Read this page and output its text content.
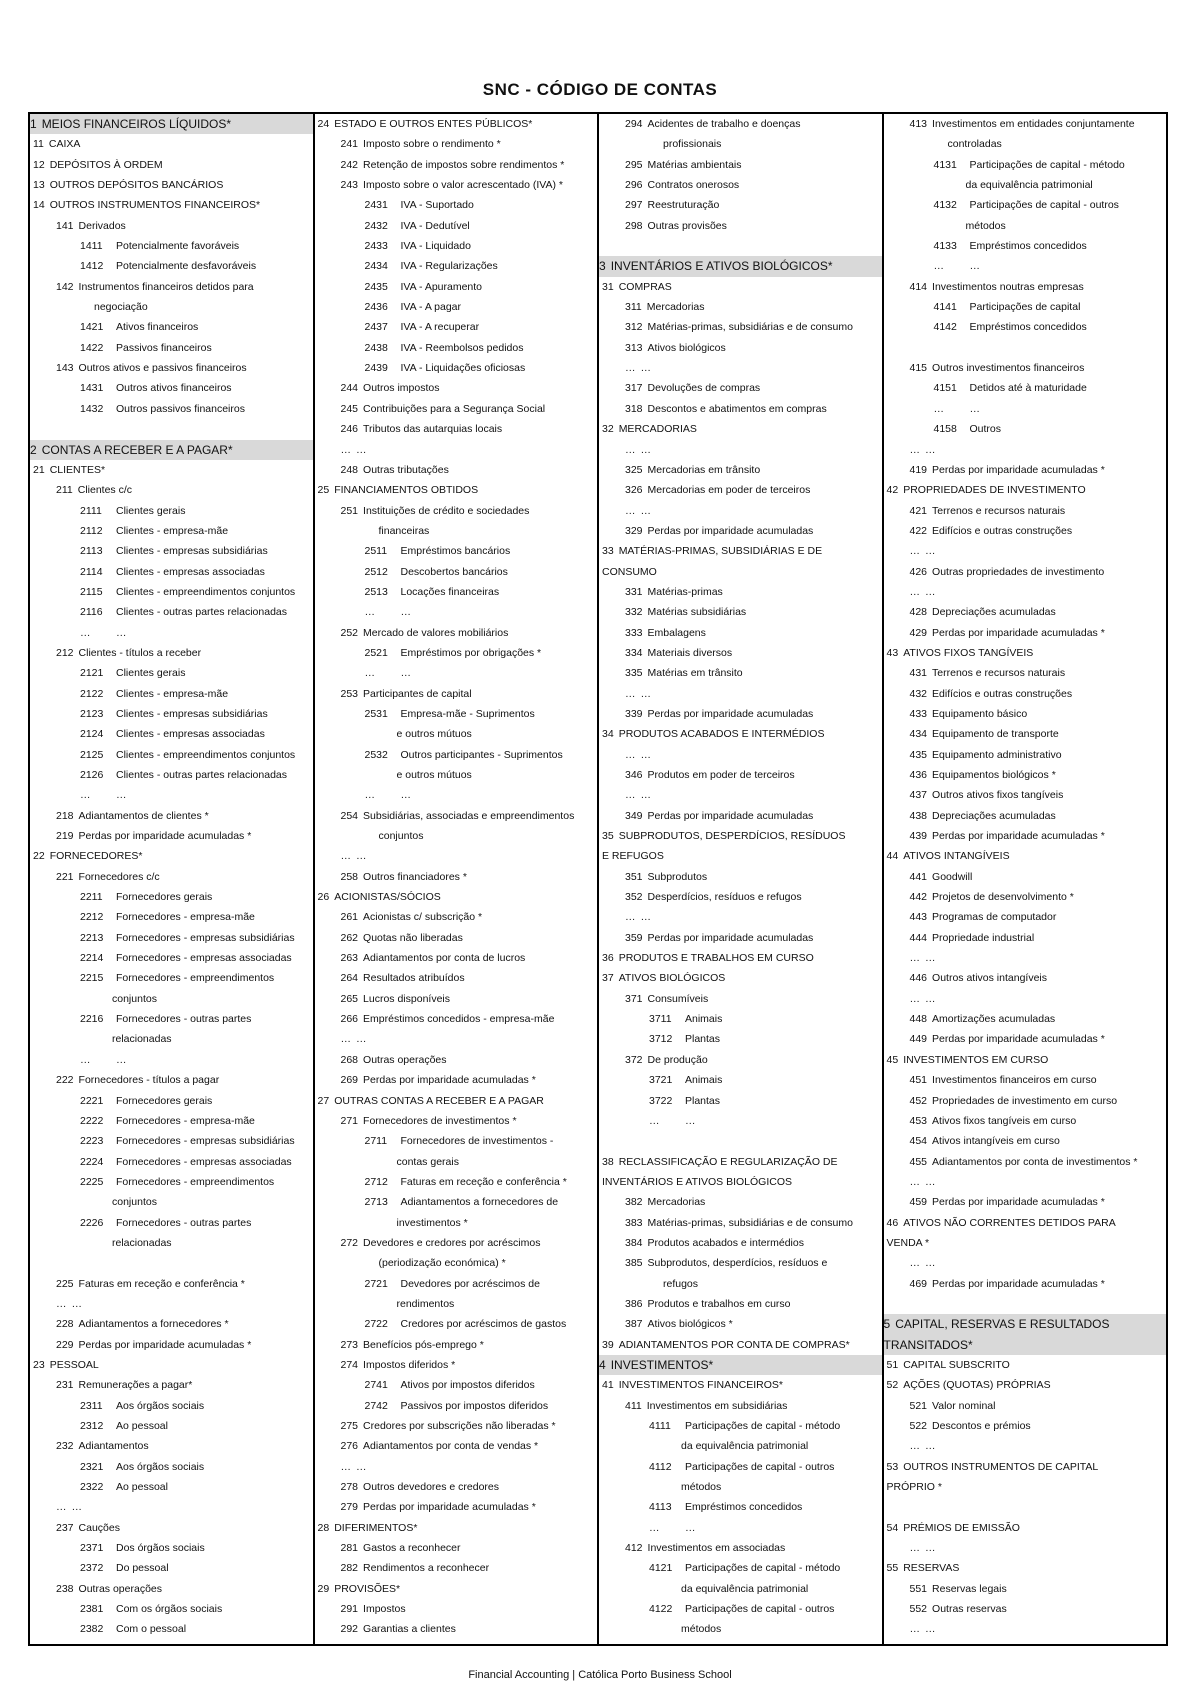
SNC - CÓDIGO DE CONTAS
1 MEIOS FINANCEIROS LÍQUIDOS*
11 CAIXA
12 DEPÓSITOS À ORDEM
13 OUTROS DEPÓSITOS BANCÁRIOS
14 OUTROS INSTRUMENTOS FINANCEIROS*
141 Derivados
1411 Potencialmente favoráveis
1412 Potencialmente desfavoráveis
142 Instrumentos financeiros detidos para
negociação
1421 Ativos financeiros
1422 Passivos financeiros
143 Outros ativos e passivos financeiros
1431 Outros ativos financeiros
1432 Outros passivos financeiros
2 CONTAS A RECEBER E A PAGAR*
21 CLIENTES*
211 Clientes c/c
2111 Clientes gerais
2112 Clientes - empresa-mãe
2113 Clientes - empresas subsidiárias
2114 Clientes - empresas associadas
2115 Clientes - empreendimentos conjuntos
2116 Clientes - outras partes relacionadas
… …
212 Clientes - títulos a receber
2121 Clientes gerais
2122 Clientes - empresa-mãe
2123 Clientes - empresas subsidiárias
2124 Clientes - empresas associadas
2125 Clientes - empreendimentos conjuntos
2126 Clientes - outras partes relacionadas
… …
218 Adiantamentos de clientes *
219 Perdas por imparidade acumuladas *
22 FORNECEDORES*
221 Fornecedores c/c
2211 Fornecedores gerais
2212 Fornecedores - empresa-mãe
2213 Fornecedores - empresas subsidiárias
2214 Fornecedores - empresas associadas
2215 Fornecedores - empreendimentos
conjuntos
2216 Fornecedores - outras partes
relacionadas
… …
222 Fornecedores - títulos a pagar
2221 Fornecedores gerais
2222 Fornecedores - empresa-mãe
2223 Fornecedores - empresas subsidiárias
2224 Fornecedores - empresas associadas
2225 Fornecedores - empreendimentos
conjuntos
2226 Fornecedores - outras partes
relacionadas
225 Faturas em receção e conferência *
… …
228 Adiantamentos a fornecedores *
229 Perdas por imparidade acumuladas *
23 PESSOAL
231 Remunerações a pagar*
2311 Aos órgãos sociais
2312 Ao pessoal
232 Adiantamentos
2321 Aos órgãos sociais
2322 Ao pessoal
… …
237 Cauções
2371 Dos órgãos sociais
2372 Do pessoal
238 Outras operações
2381 Com os órgãos sociais
2382 Com o pessoal
24 ESTADO E OUTROS ENTES PÚBLICOS*
241 Imposto sobre o rendimento *
242 Retenção de impostos sobre rendimentos *
243 Imposto sobre o valor acrescentado (IVA) *
2431 IVA - Suportado
2432 IVA - Dedutível
2433 IVA - Liquidado
2434 IVA - Regularizações
2435 IVA - Apuramento
2436 IVA - A pagar
2437 IVA - A recuperar
2438 IVA - Reembolsos pedidos
2439 IVA - Liquidações oficiosas
244 Outros impostos
245 Contribuições para a Segurança Social
246 Tributos das autarquias locais
… …
248 Outras tributações
25 FINANCIAMENTOS OBTIDOS
251 Instituições de crédito e sociedades
financeiras
2511 Empréstimos bancários
2512 Descobertos bancários
2513 Locações financeiras
… …
252 Mercado de valores mobiliários
2521 Empréstimos por obrigações *
… …
253 Participantes de capital
2531 Empresa-mãe - Suprimentos
e outros mútuos
2532 Outros participantes - Suprimentos
e outros mútuos
… …
254 Subsidiárias, associadas e empreendimentos
conjuntos
… …
258 Outros financiadores *
26 ACIONISTAS/SÓCIOS
261 Acionistas c/ subscrição *
262 Quotas não liberadas
263 Adiantamentos por conta de lucros
264 Resultados atribuídos
265 Lucros disponíveis
266 Empréstimos concedidos - empresa-mãe
… …
268 Outras operações
269 Perdas por imparidade acumuladas *
27 OUTRAS CONTAS A RECEBER E A PAGAR
271 Fornecedores de investimentos *
2711 Fornecedores de investimentos -
contas gerais
2712 Faturas em receção e conferência *
2713 Adiantamentos a fornecedores de
investimentos *
272 Devedores e credores por acréscimos
(periodização económica) *
2721 Devedores por acréscimos de
rendimentos
2722 Credores por acréscimos de gastos
273 Benefícios pós-emprego *
274 Impostos diferidos *
2741 Ativos por impostos diferidos
2742 Passivos por impostos diferidos
275 Credores por subscrições não liberadas *
276 Adiantamentos por conta de vendas *
… …
278 Outros devedores e credores
279 Perdas por imparidade acumuladas *
28 DIFERIMENTOS*
281 Gastos a reconhecer
282 Rendimentos a reconhecer
29 PROVISÕES*
291 Impostos
292 Garantias a clientes
294 Acidentes de trabalho e doenças
profissionais
295 Matérias ambientais
296 Contratos onerosos
297 Reestruturação
298 Outras provisões
3 INVENTÁRIOS E ATIVOS BIOLÓGICOS*
31 COMPRAS
311 Mercadorias
312 Matérias-primas, subsidiárias e de consumo
313 Ativos biológicos
… …
317 Devoluções de compras
318 Descontos e abatimentos em compras
32 MERCADORIAS
… …
325 Mercadorias em trânsito
326 Mercadorias em poder de terceiros
… …
329 Perdas por imparidade acumuladas
33 MATÉRIAS-PRIMAS, SUBSIDIÁRIAS E DE
CONSUMO
331 Matérias-primas
332 Matérias subsidiárias
333 Embalagens
334 Materiais diversos
335 Matérias em trânsito
… …
339 Perdas por imparidade acumuladas
34 PRODUTOS ACABADOS E INTERMÉDIOS
… …
346 Produtos em poder de terceiros
… …
349 Perdas por imparidade acumuladas
35 SUBPRODUTOS, DESPERDÍCIOS, RESÍDUOS
E REFUGOS
351 Subprodutos
352 Desperdícios, resíduos e refugos
… …
359 Perdas por imparidade acumuladas
36 PRODUTOS E TRABALHOS EM CURSO
37 ATIVOS BIOLÓGICOS
371 Consumíveis
3711 Animais
3712 Plantas
372 De produção
3721 Animais
3722 Plantas
… …
38 RECLASSIFICAÇÃO E REGULARIZAÇÃO DE
INVENTÁRIOS E ATIVOS BIOLÓGICOS
382 Mercadorias
383 Matérias-primas, subsidiárias e de consumo
384 Produtos acabados e intermédios
385 Subprodutos, desperdícios, resíduos e
refugos
386 Produtos e trabalhos em curso
387 Ativos biológicos *
39 ADIANTAMENTOS POR CONTA DE COMPRAS*
4 INVESTIMENTOS*
41 INVESTIMENTOS FINANCEIROS*
411 Investimentos em subsidiárias
4111 Participações de capital - método
da equivalência patrimonial
4112 Participações de capital - outros
métodos
4113 Empréstimos concedidos
… …
412 Investimentos em associadas
4121 Participações de capital - método
da equivalência patrimonial
4122 Participações de capital - outros
métodos
413 Investimentos em entidades conjuntamente
controladas
4131 Participações de capital - método
da equivalência patrimonial
4132 Participações de capital - outros
métodos
4133 Empréstimos concedidos
… …
414 Investimentos noutras empresas
4141 Participações de capital
4142 Empréstimos concedidos
415 Outros investimentos financeiros
4151 Detidos até à maturidade
… …
4158 Outros
… …
419 Perdas por imparidade acumuladas *
42 PROPRIEDADES DE INVESTIMENTO
421 Terrenos e recursos naturais
422 Edifícios e outras construções
… …
426 Outras propriedades de investimento
… …
428 Depreciações acumuladas
429 Perdas por imparidade acumuladas *
43 ATIVOS FIXOS TANGÍVEIS
431 Terrenos e recursos naturais
432 Edifícios e outras construções
433 Equipamento básico
434 Equipamento de transporte
435 Equipamento administrativo
436 Equipamentos biológicos *
437 Outros ativos fixos tangíveis
438 Depreciações acumuladas
439 Perdas por imparidade acumuladas *
44 ATIVOS INTANGÍVEIS
441 Goodwill
442 Projetos de desenvolvimento *
443 Programas de computador
444 Propriedade industrial
… …
446 Outros ativos intangíveis
… …
448 Amortizações acumuladas
449 Perdas por imparidade acumuladas *
45 INVESTIMENTOS EM CURSO
451 Investimentos financeiros em curso
452 Propriedades de investimento em curso
453 Ativos fixos tangíveis em curso
454 Ativos intangíveis em curso
455 Adiantamentos por conta de investimentos *
… …
459 Perdas por imparidade acumuladas *
46 ATIVOS NÃO CORRENTES DETIDOS PARA
VENDA *
… …
469 Perdas por imparidade acumuladas *
5 CAPITAL, RESERVAS E RESULTADOS
TRANSITADOS*
51 CAPITAL SUBSCRITO
52 AÇÕES (QUOTAS) PRÓPRIAS
521 Valor nominal
522 Descontos e prémios
… …
53 OUTROS INSTRUMENTOS DE CAPITAL
PRÓPRIO *
54 PRÉMIOS DE EMISSÃO
… …
55 RESERVAS
551 Reservas legais
552 Outras reservas
… …
Financial Accounting | Católica Porto Business School
